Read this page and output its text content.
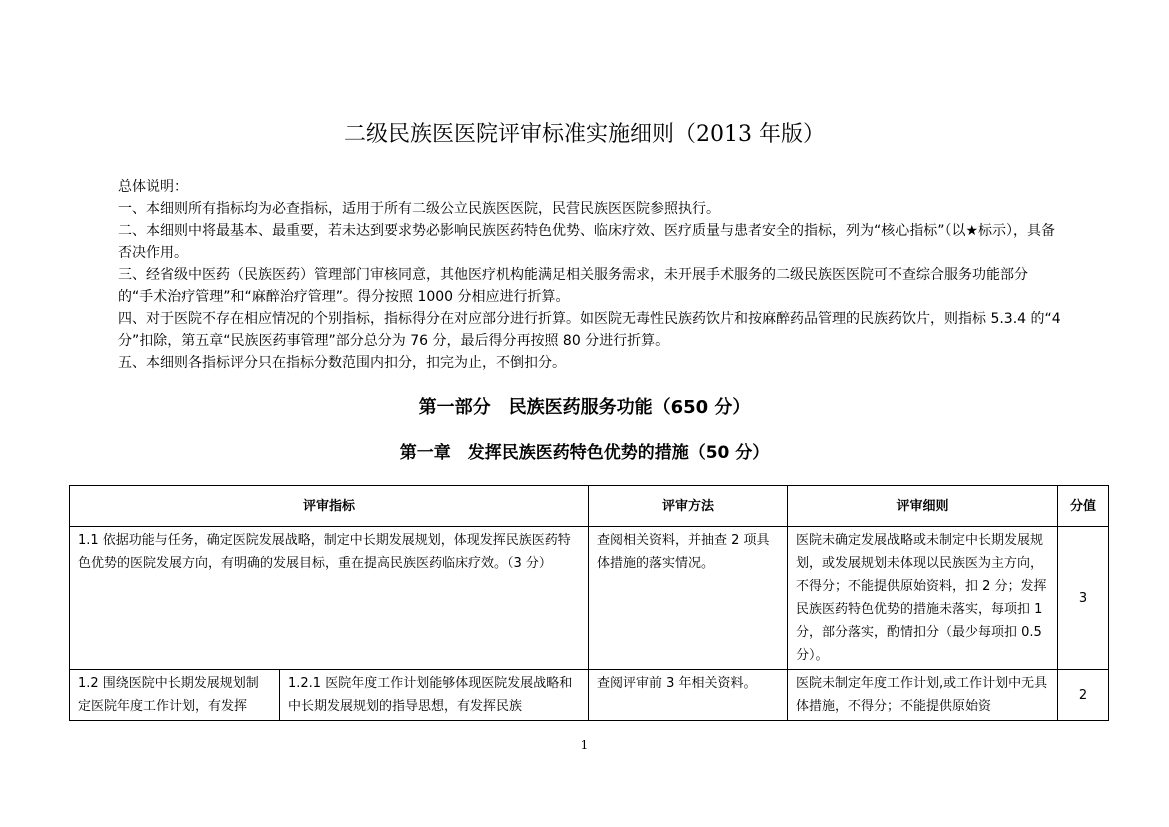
二级民族医医院评审标准实施细则（2013 年版）

总体说明：

一、本细则所有指标均为必查指标，适用于所有二级公立民族医医院，民营民族医医院参照执行。

二、本细则中将最基本、最重要，若未达到要求势必影响民族医药特色优势、临床疗效、医疗质量与患者安全的指标，列为“核心指标”（以★标示），具备否决作用。

三、经省级中医药（民族医药）管理部门审核同意，其他医疗机构能满足相关服务需求，未开展手术服务的二级民族医医院可不查综合服务功能部分的“手术治疗管理”和“麻醉治疗管理”。得分按照 1000 分相应进行折算。

四、对于医院不存在相应情况的个别指标，指标得分在对应部分进行折算。如医院无毒性民族药饮片和按麻醉药品管理的民族药饮片，则指标 5.3.4 的“4 分”扣除，第五章“民族医药事管理”部分总分为 76 分，最后得分再按照 80 分进行折算。

五、本细则各指标评分只在指标分数范围内扣分，扣完为止，不倒扣分。

第一部分　民族医药服务功能（650 分）
第一章　发挥民族医药特色优势的措施（50 分）
评审指标		评审方法	评审细则	分值
1.1 依据功能与任务，确定医院发展战略，制定中长期发展规划，体现发挥民族医药特色优势的医院发展方向，有明确的发展目标，重在提高民族医药临床疗效。（3 分）		查阅相关资料，并抽查 2 项具体措施的落实情况。	医院未确定发展战略或未制定中长期发展规划，或发展规划未体现以民族医为主方向，不得分；不能提供原始资料，扣 2 分；发挥民族医药特色优势的措施未落实，每项扣 1 分，部分落实，酌情扣分（最少每项扣 0.5 分）。	3
1.2 围绕医院中长期发展规划制定医院年度工作计划，有发挥	1.2.1 医院年度工作计划能够体现医院发展战略和中长期发展规划的指导思想，有发挥民族	查阅评审前 3 年相关资料。	医院未制定年度工作计划,或工作计划中无具体措施，不得分；不能提供原始资	2
1
